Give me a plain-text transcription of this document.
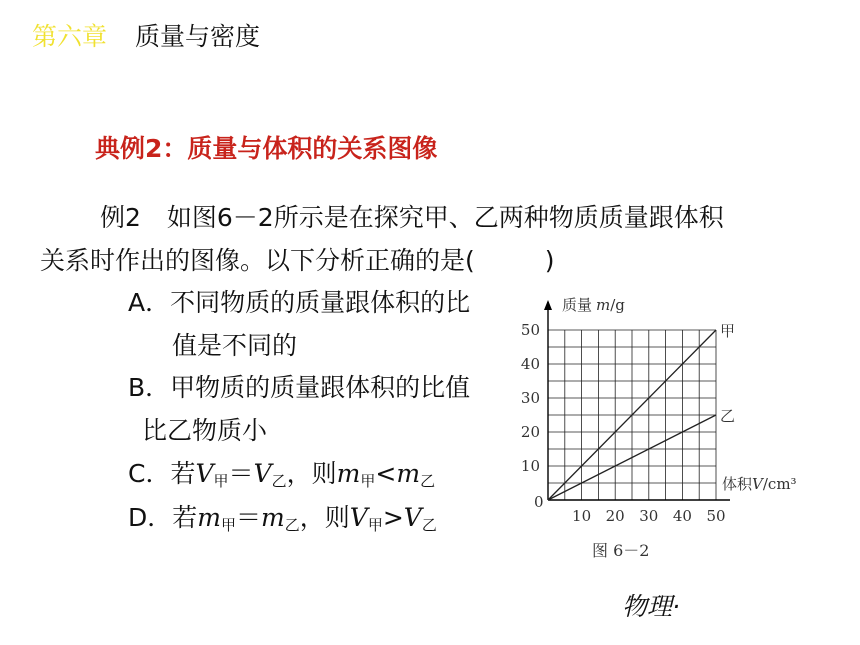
第六章 质量与密度
典例2：质量与体积的关系图像
例2 如图6－2所示是在探究甲、乙两种物质质量跟体积
关系时作出的图像。以下分析正确的是(	)
A．不同物质的质量跟体积的比
值是不同的
B．甲物质的质量跟体积的比值
比乙物质小
C．若$V_甲=V_乙$，则$m_甲<m_乙$
D．若$m_甲=m_乙$，则$V_甲>V_乙$
质量 m/g
体积V/cm³
0
图 6－2
10 20 30 40 50
10
20
30
40
50	甲
乙
物理·
